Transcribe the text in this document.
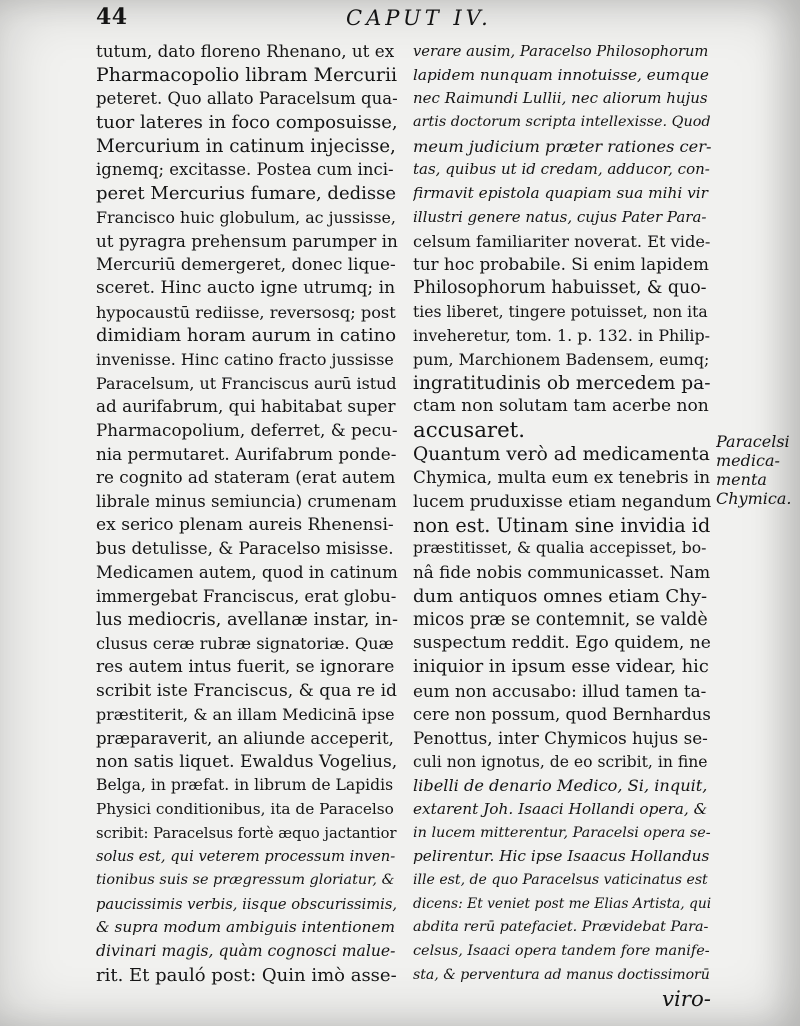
44	CAPUT IV.
tutum, dato floreno Rhenano, ut ex
Pharmacopolio libram Mercurii
peteret. Quo allato Paracelsum qua-
tuor lateres in foco composuisse,
Mercurium in catinum injecisse,
ignemq; excitasse. Postea cum inci-
peret Mercurius fumare, dedisse
Francisco huic globulum, ac jussisse,
ut pyragra prehensum parumper in
Mercuriū demergeret, donec lique-
sceret. Hinc aucto igne utrumq; in
hypocaustū rediisse, reversosq; post
dimidiam horam aurum in catino
invenisse. Hinc catino fracto jussisse
Paracelsum, ut Franciscus aurū istud
ad aurifabrum, qui habitabat super
Pharmacopolium, deferret, & pecu-
nia permutaret. Aurifabrum ponde-
re cognito ad stateram (erat autem
librale minus semiuncia) crumenam
ex serico plenam aureis Rhenensi-
bus detulisse, & Paracelso misisse.
Medicamen autem, quod in catinum
immergebat Franciscus, erat globu-
lus mediocris, avellanæ instar, in-
clusus ceræ rubræ signatoriæ. Quæ
res autem intus fuerit, se ignorare
scribit iste Franciscus, & qua re id
præstiterit, & an illam Medicinā ipse
præparaverit, an aliunde acceperit,
non satis liquet. Ewaldus Vogelius,
Belga, in præfat. in librum de Lapidis
Physici conditionibus, ita de Paracelso
scribit: Paracelsus fortè æquo jactantior
solus est, qui veterem processum inven-
tionibus suis se prægressum gloriatur, &
paucissimis verbis, iisque obscurissimis,
& supra modum ambiguis intentionem
divinari magis, quàm cognosci malue-
rit. Et pauló post: Quin imò asse-
verare ausim, Paracelso Philosophorum
lapidem nunquam innotuisse, eumque
nec Raimundi Lullii, nec aliorum hujus
artis doctorum scripta intellexisse. Quod
meum judicium præter rationes cer-
tas, quibus ut id credam, adducor, con-
firmavit epistola quapiam sua mihi vir
illustri genere natus, cujus Pater Para-
celsum familiariter noverat. Et vide-
tur hoc probabile. Si enim lapidem
Philosophorum habuisset, & quo-
ties liberet, tingere potuisset, non ita
inveheretur, tom. 1. p. 132. in Philip-
pum, Marchionem Badensem, eumq;
ingratitudinis ob mercedem pa-
ctam non solutam tam acerbe non
accusaret.
Quantum verò ad medicamenta
Chymica, multa eum ex tenebris in
lucem pruduxisse etiam negandum
non est. Utinam sine invidia id
præstitisset, & qualia accepisset, bo-
nâ fide nobis communicasset. Nam
dum antiquos omnes etiam Chy-
micos præ se contemnit, se valdè
suspectum reddit. Ego quidem, ne
iniquior in ipsum esse videar, hic
eum non accusabo: illud tamen ta-
cere non possum, quod Bernhardus
Penottus, inter Chymicos hujus se-
culi non ignotus, de eo scribit, in fine
libelli de denario Medico, Si, inquit,
extarent Joh. Isaaci Hollandi opera, &
in lucem mitterentur, Paracelsi opera se-
pelirentur. Hic ipse Isaacus Hollandus
ille est, de quo Paracelsus vaticinatus est
dicens: Et veniet post me Elias Artista, qui
abdita rerū patefaciet. Prævidebat Para-
celsus, Isaaci opera tandem fore manife-
sta, & perventura ad manus doctissimorū
viro-
Paracelsi
medica-
menta
Chymica.
